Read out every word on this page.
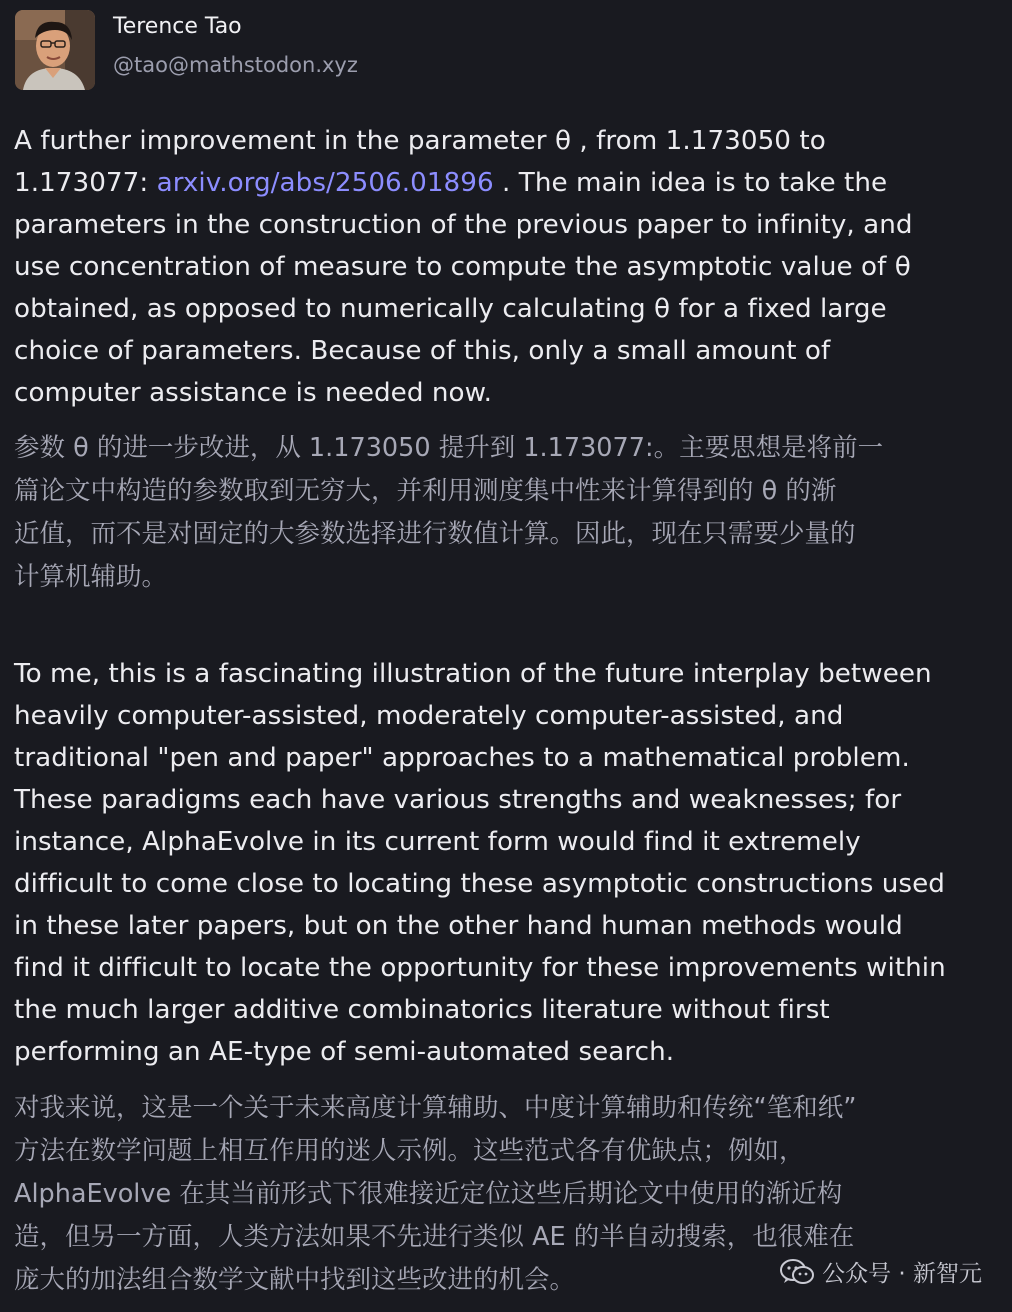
Terence Tao
@tao@mathstodon.xyz

A further improvement in the parameter θ , from 1.173050 to
1.173077: arxiv.org/abs/2506.01896 . The main idea is to take the
parameters in the construction of the previous paper to infinity, and
use concentration of measure to compute the asymptotic value of θ
obtained, as opposed to numerically calculating θ for a fixed large
choice of parameters. Because of this, only a small amount of
computer assistance is needed now.

参数 θ 的进一步改进，从 1.173050 提升到 1.173077:。主要思想是将前一
篇论文中构造的参数取到无穷大，并利用测度集中性来计算得到的 θ 的渐
近值，而不是对固定的大参数选择进行数值计算。因此，现在只需要少量的
计算机辅助。

To me, this is a fascinating illustration of the future interplay between
heavily computer-assisted, moderately computer-assisted, and
traditional "pen and paper" approaches to a mathematical problem.
These paradigms each have various strengths and weaknesses; for
instance, AlphaEvolve in its current form would find it extremely
difficult to come close to locating these asymptotic constructions used
in these later papers, but on the other hand human methods would
find it difficult to locate the opportunity for these improvements within
the much larger additive combinatorics literature without first
performing an AE-type of semi-automated search.

对我来说，这是一个关于未来高度计算辅助、中度计算辅助和传统“笔和纸”
方法在数学问题上相互作用的迷人示例。这些范式各有优缺点；例如，
AlphaEvolve 在其当前形式下很难接近定位这些后期论文中使用的渐近构
造，但另一方面，人类方法如果不先进行类似 AE 的半自动搜索，也很难在
庞大的加法组合数学文献中找到这些改进的机会。	公众号 · 新智元
